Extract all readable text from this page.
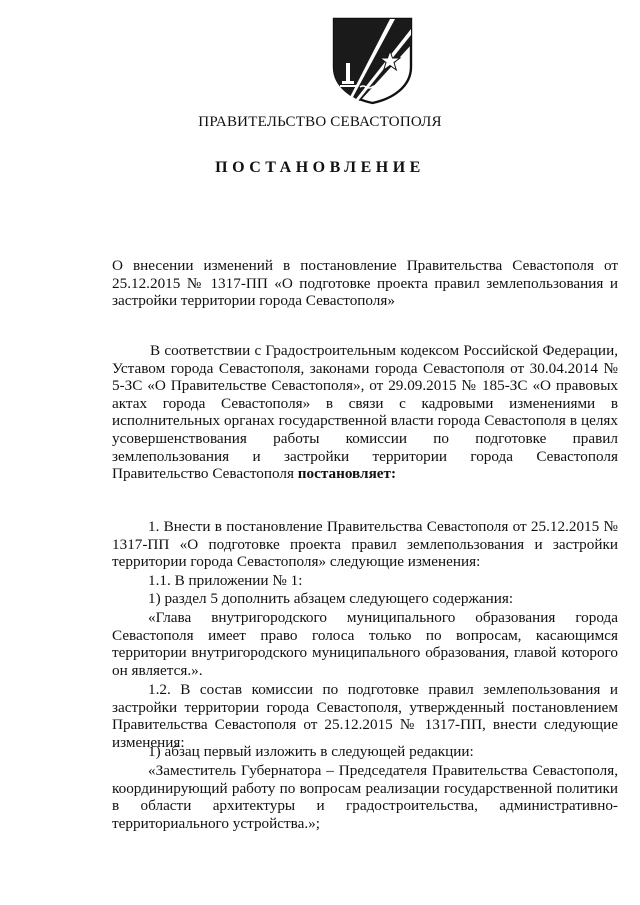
ПРАВИТЕЛЬСТВО СЕВАСТОПОЛЯ
ПОСТАНОВЛЕНИЕ
О внесении изменений в постановление Правительства Севастополя от 25.12.2015 № 1317-ПП «О подготовке проекта правил землепользования и застройки территории города Севастополя»
В соответствии с Градостроительным кодексом Российской Федерации, Уставом города Севастополя, законами города Севастополя от 30.04.2014 № 5-ЗС «О Правительстве Севастополя», от 29.09.2015 № 185-ЗС «О правовых актах города Севастополя» в связи с кадровыми изменениями в исполнительных органах государственной власти города Севастополя в целях усовершенствования работы комиссии по подготовке правил землепользования и застройки территории города Севастополя Правительство Севастополя постановляет:
1. Внести в постановление Правительства Севастополя от 25.12.2015 № 1317-ПП «О подготовке проекта правил землепользования и застройки территории города Севастополя» следующие изменения:
1.1. В приложении № 1:
1) раздел 5 дополнить абзацем следующего содержания:
«Глава внутригородского муниципального образования города Севастополя имеет право голоса только по вопросам, касающимся территории внутригородского муниципального образования, главой которого он является.».
1.2. В состав комиссии по подготовке правил землепользования и застройки территории города Севастополя, утвержденный постановлением Правительства Севастополя от 25.12.2015 № 1317-ПП, внести следующие изменения:
1) абзац первый изложить в следующей редакции:
«Заместитель Губернатора – Председателя Правительства Севастополя, координирующий работу по вопросам реализации государственной политики в области архитектуры и градостроительства, административно-территориального устройства.»;
